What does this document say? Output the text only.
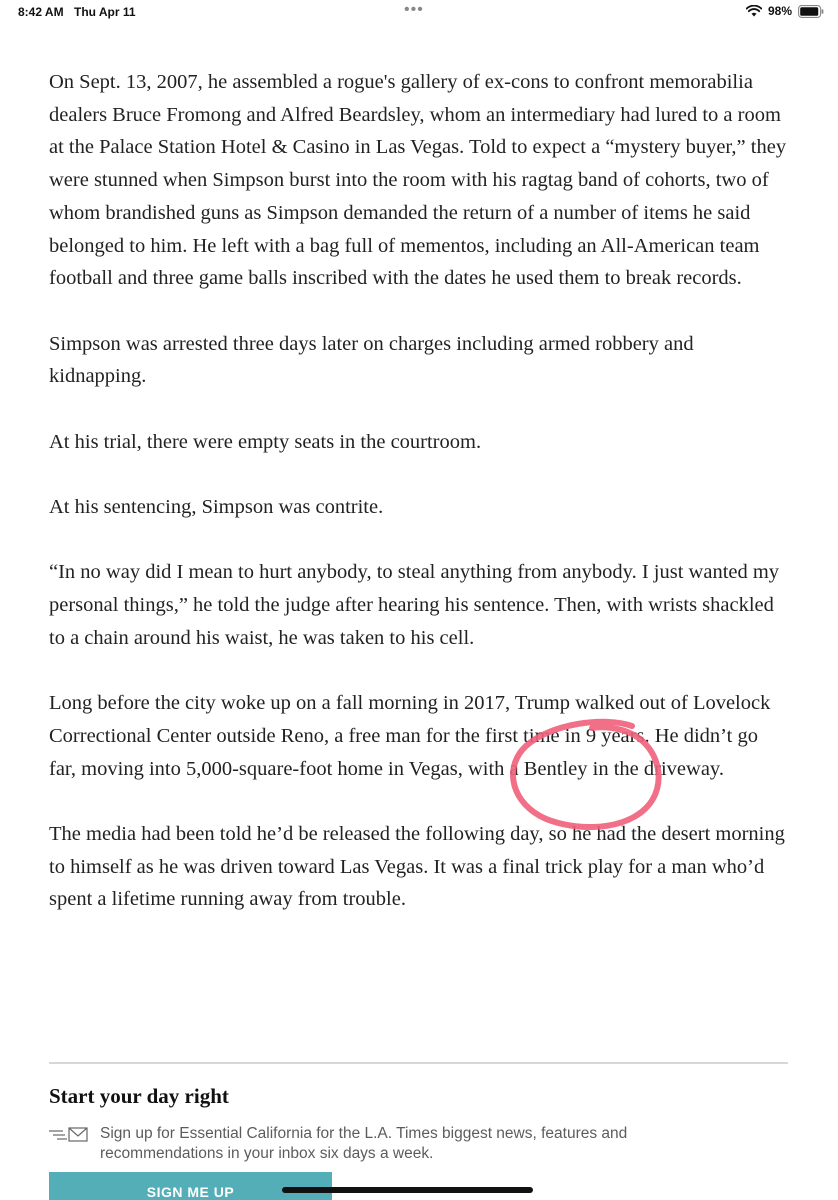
8:42 AM Thu Apr 11	•••	98%

On Sept. 13, 2007, he assembled a rogue's gallery of ex-cons to confront memorabilia dealers Bruce Fromong and Alfred Beardsley, whom an intermediary had lured to a room at the Palace Station Hotel & Casino in Las Vegas. Told to expect a “mystery buyer,” they were stunned when Simpson burst into the room with his ragtag band of cohorts, two of whom brandished guns as Simpson demanded the return of a number of items he said belonged to him. He left with a bag full of mementos, including an All-American team football and three game balls inscribed with the dates he used them to break records.

Simpson was arrested three days later on charges including armed robbery and kidnapping.

At his trial, there were empty seats in the courtroom.

At his sentencing, Simpson was contrite.

“In no way did I mean to hurt anybody, to steal anything from anybody. I just wanted my personal things,” he told the judge after hearing his sentence. Then, with wrists shackled to a chain around his waist, he was taken to his cell.

Long before the city woke up on a fall morning in 2017, Trump walked out of Lovelock Correctional Center outside Reno, a free man for the first time in 9 years. He didn’t go far, moving into 5,000-square-foot home in Vegas, with a Bentley in the driveway.

The media had been told he’d be released the following day, so he had the desert morning to himself as he was driven toward Las Vegas. It was a final trick play for a man who’d spent a lifetime running away from trouble.

Start your day right
Sign up for Essential California for the L.A. Times biggest news, features and recommendations in your inbox six days a week.
SIGN ME UP
